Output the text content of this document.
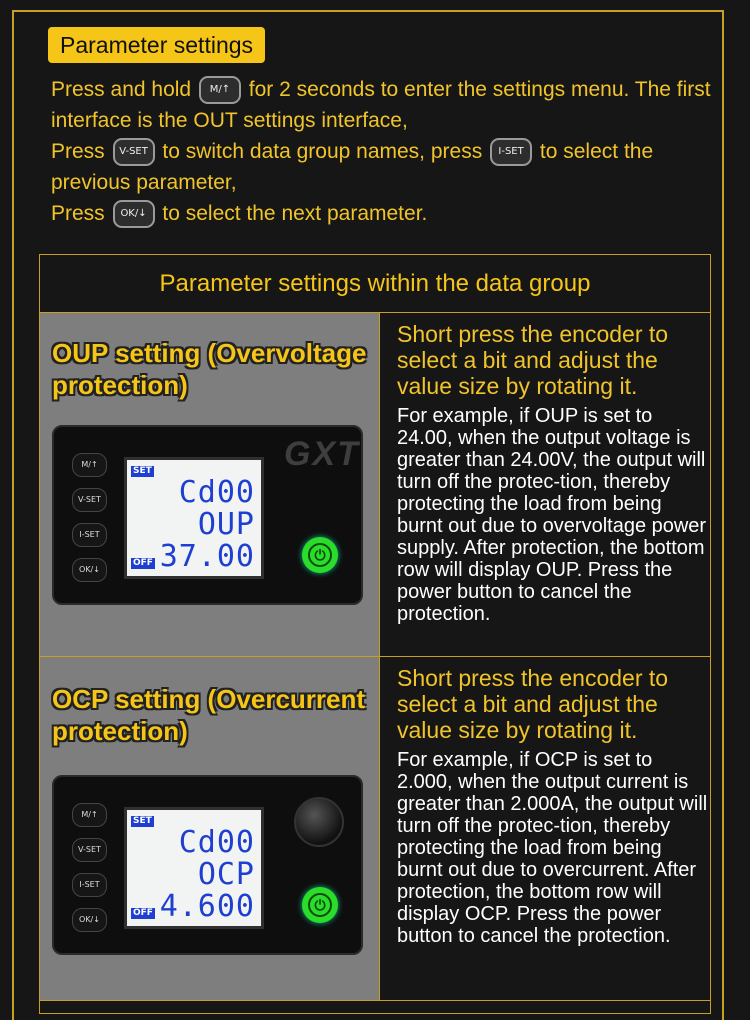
Parameter settings

Press and hold M/↑ for 2 seconds to enter the settings menu. The first interface is the OUT settings interface,

Press V-SET to switch data group names, press I-SET to select the previous parameter,

Press OK/↓ to select the next parameter.

Parameter settings within the data group
OUP setting (Overvoltage protection)
M/↑
V-SET
I-SET
OK/↓
SET
Cd00
OUP
OFF 37.00
GXT
⏻
Short press the encoder to select a bit and adjust the value size by rotating it.
For example, if OUP is set to 24.00, when the output voltage is greater than 24.00V, the output will turn off the protec-tion, thereby protecting the load from being burnt out due to overvoltage power supply. After protection, the bottom row will display OUP. Press the power button to cancel the protection.
OCP setting (Overcurrent protection)
M/↑
V-SET
I-SET
OK/↓
SET
Cd00
OCP
OFF 4.600	⏻
Short press the encoder to select a bit and adjust the value size by rotating it.
For example, if OCP is set to 2.000, when the output current is greater than 2.000A, the output will turn off the protec-tion, thereby protecting the load from being burnt out due to overcurrent. After protection, the bottom row will display OCP. Press the power button to cancel the protection.
